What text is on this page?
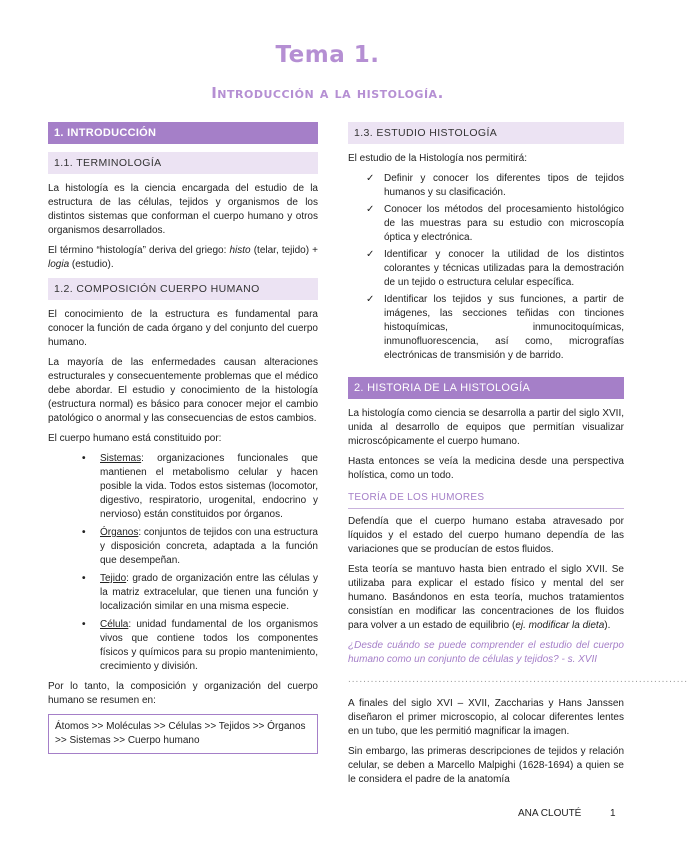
Tema 1.
Introducción a la histología.
1. INTRODUCCIÓN
1.1. TERMINOLOGÍA

La histología es la ciencia encargada del estudio de la estructura de las células, tejidos y organismos de los distintos sistemas que conforman el cuerpo humano y otros organismos desarrollados.

El término “histología” deriva del griego: histo (telar, tejido) + logia (estudio).

1.2. COMPOSICIÓN CUERPO HUMANO

El conocimiento de la estructura es fundamental para conocer la función de cada órgano y del conjunto del cuerpo humano.

La mayoría de las enfermedades causan alteraciones estructurales y consecuentemente problemas que el médico debe abordar. El estudio y conocimiento de la histología (estructura normal) es básico para conocer mejor el cambio patológico o anormal y las consecuencias de estos cambios.

El cuerpo humano está constituido por:

• Sistemas: organizaciones funcionales que mantienen el metabolismo celular y hacen posible la vida. Todos estos sistemas (locomotor, digestivo, respiratorio, urogenital, endocrino y nervioso) están constituidos por órganos.
• Órganos: conjuntos de tejidos con una estructura y disposición concreta, adaptada a la función que desempeñan.
• Tejido: grado de organización entre las células y la matriz extracelular, que tienen una función y localización similar en una misma especie.
• Célula: unidad fundamental de los organismos vivos que contiene todos los componentes físicos y químicos para su propio mantenimiento, crecimiento y división.

Por lo tanto, la composición y organización del cuerpo humano se resumen en:

Átomos >> Moléculas >> Células >> Tejidos >> Órganos >> Sistemas >> Cuerpo humano
1.3. ESTUDIO HISTOLOGÍA

El estudio de la Histología nos permitirá:

✓ Definir y conocer los diferentes tipos de tejidos humanos y su clasificación.
✓ Conocer los métodos del procesamiento histológico de las muestras para su estudio con microscopía óptica y electrónica.
✓ Identificar y conocer la utilidad de los distintos colorantes y técnicas utilizadas para la demostración de un tejido o estructura celular específica.
✓ Identificar los tejidos y sus funciones, a partir de imágenes, las secciones teñidas con tinciones histoquímicas, inmunocitoquímicas, inmunofluorescencia, así como, micrografías electrónicas de transmisión y de barrido.
2. HISTORIA DE LA HISTOLOGÍA

La histología como ciencia se desarrolla a partir del siglo XVII, unida al desarrollo de equipos que permitían visualizar microscópicamente el cuerpo humano.

Hasta entonces se veía la medicina desde una perspectiva holística, como un todo.

TEORÍA DE LOS HUMORES

Defendía que el cuerpo humano estaba atravesado por líquidos y el estado del cuerpo humano dependía de las variaciones que se producían de estos fluidos.

Esta teoría se mantuvo hasta bien entrado el siglo XVII. Se utilizaba para explicar el estado físico y mental del ser humano. Basándonos en esta teoría, muchos tratamientos consistían en modificar las concentraciones de los fluidos para volver a un estado de equilibrio (ej. modificar la dieta).

¿Desde cuándo se puede comprender el estudio del cuerpo humano como un conjunto de células y tejidos? - s. XVII

..........................................................................................

A finales del siglo XVI – XVII, Zaccharias y Hans Janssen diseñaron el primer microscopio, al colocar diferentes lentes en un tubo, que les permitió magnificar la imagen.

Sin embargo, las primeras descripciones de tejidos y relación celular, se deben a Marcello Malpighi (1628-1694) a quien se le considera el padre de la anatomía

ANA CLOUTÉ	1
